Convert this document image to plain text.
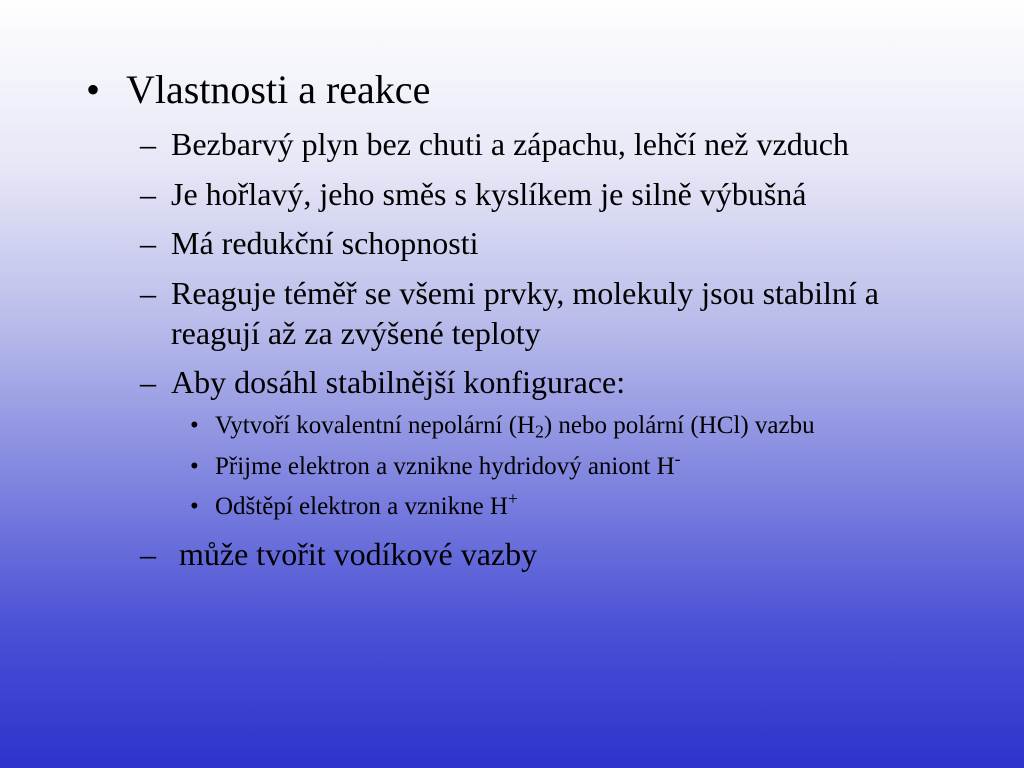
• Vlastnosti a reakce
– Bezbarvý plyn bez chuti a zápachu, lehčí než vzduch
– Je hořlavý, jeho směs s kyslíkem je silně výbušná
– Má redukční schopnosti
– Reaguje téměř se všemi prvky, molekuly jsou stabilní a
reagují až za zvýšené teploty
– Aby dosáhl stabilnější konfigurace:
• Vytvoří kovalentní nepolární $(H_2)$ nebo polární (HCl) vazbu
• Přijme elektron a vznikne hydridový aniont H-
• Odštěpí elektron a vznikne H+
– může tvořit vodíkové vazby
